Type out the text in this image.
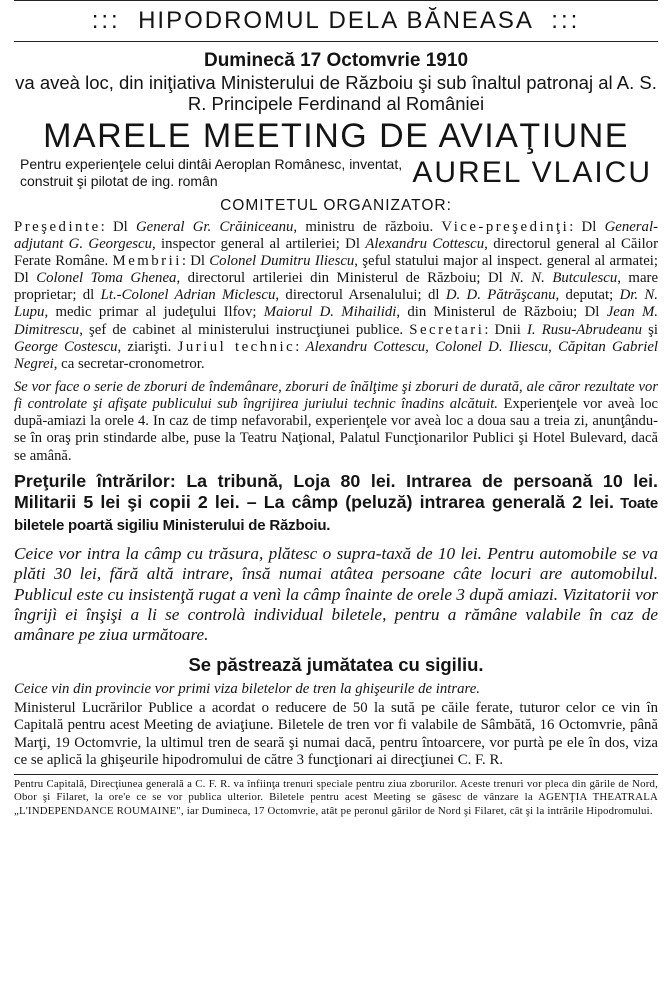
::: HIPODROMUL DELA BĂNEASA :::
Duminecă 17 Octomvrie 1910
va aveà loc, din iniţiativa Ministerului de Războiu şi sub înaltul patronaj al A. S. R. Principele Ferdinand al României
MARELE MEETING DE AVIAŢIUNE
Pentru experienţele celui dintâi Aeroplan Românesc, inventat, construit şi pilotat de ing. român	AUREL VLAICU
COMITETUL ORGANIZATOR:
Preşedinte: Dl General Gr. Crăiniceanu, ministru de războiu. Vice-preşedinţi: Dl General-adjutant G. Georgescu, inspector general al artileriei; Dl Alexandru Cottescu, directorul general al Căilor Ferate Române. Membrii: Dl Colonel Dumitru Iliescu, şeful statului major al inspect. general al armatei; Dl Colonel Toma Ghenea, directorul artileriei din Ministerul de Războiu; Dl N. N. Butculescu, mare proprietar; dl Lt.-Colonel Adrian Miclescu, directorul Arsenalului; dl D. D. Pătrăşcanu, deputat; Dr. N. Lupu, medic primar al judeţului Ilfov; Maiorul D. Mihailidi, din Ministerul de Războiu; Dl Jean M. Dimitrescu, şef de cabinet al ministerului instrucţiunei publice. Secretari: Dnii I. Rusu-Abrudeanu şi George Costescu, ziarişti. Juriul technic: Alexandru Cottescu, Colonel D. Iliescu, Căpitan Gabriel Negrei, ca secretar-cronometror.

Se vor face o serie de zboruri de îndemânare, zboruri de înălţime şi zboruri de durată, ale căror rezultate vor fi controlate şi afişate publicului sub îngrijirea juriului technic înadins alcătuit. Experienţele vor aveà loc după-amiazi la orele 4. In caz de timp nefavorabil, experienţele vor aveà loc a doua sau a treia zi, anunţându-se în oraş prin stindarde albe, puse la Teatru Naţional, Palatul Funcţionarilor Publici şi Hotel Bulevard, dacă se amână.

Preţurile întrărilor: La tribună, Loja 80 lei. Intrarea de persoană 10 lei. Militarii 5 lei şi copii 2 lei. – La câmp (peluză) intrarea generală 2 lei. Toate biletele poartă sigiliu Ministerului de Războiu.

Ceice vor intra la câmp cu trăsura, plătesc o supra-taxă de 10 lei. Pentru automobile se va plăti 30 lei, fără altă intrare, însă numai atâtea persoane câte locuri are automobilul. Publicul este cu insistenţă rugat a venì la câmp înainte de orele 3 după amiazi. Vizitatorii vor îngrijì ei înşişi a li se controlà individual biletele, pentru a rămâne valabile în caz de amânare pe ziua următoare.

Se păstrează jumătatea cu sigiliu.

Ceice vin din provincie vor primi viza biletelor de tren la ghişeurile de intrare.

Ministerul Lucrărilor Publice a acordat o reducere de 50 la sută pe căile ferate, tuturor celor ce vin în Capitală pentru acest Meeting de aviaţiune. Biletele de tren vor fi valabile de Sâmbătă, 16 Octomvrie, până Marţi, 19 Octomvrie, la ultimul tren de seară şi numai dacă, pentru întoarcere, vor purtà pe ele în dos, viza ce se aplică la ghişeurile hipodromului de către 3 funcţionari ai direcţiunei C. F. R.

Pentru Capitală, Direcţiunea generală a C. F. R. va înfiinţa trenuri speciale pentru ziua zborurilor. Aceste trenuri vor pleca din gările de Nord, Obor şi Filaret, la ore'e ce se vor publica ulterior. Biletele pentru acest Meeting se găsesc de vânzare la AGENŢIA THEATRALA „L'INDEPENDANCE ROUMAINE", iar Dumineca, 17 Octomvrie, atât pe peronul gărilor de Nord şi Filaret, cât şi la intrările Hipodromului.
